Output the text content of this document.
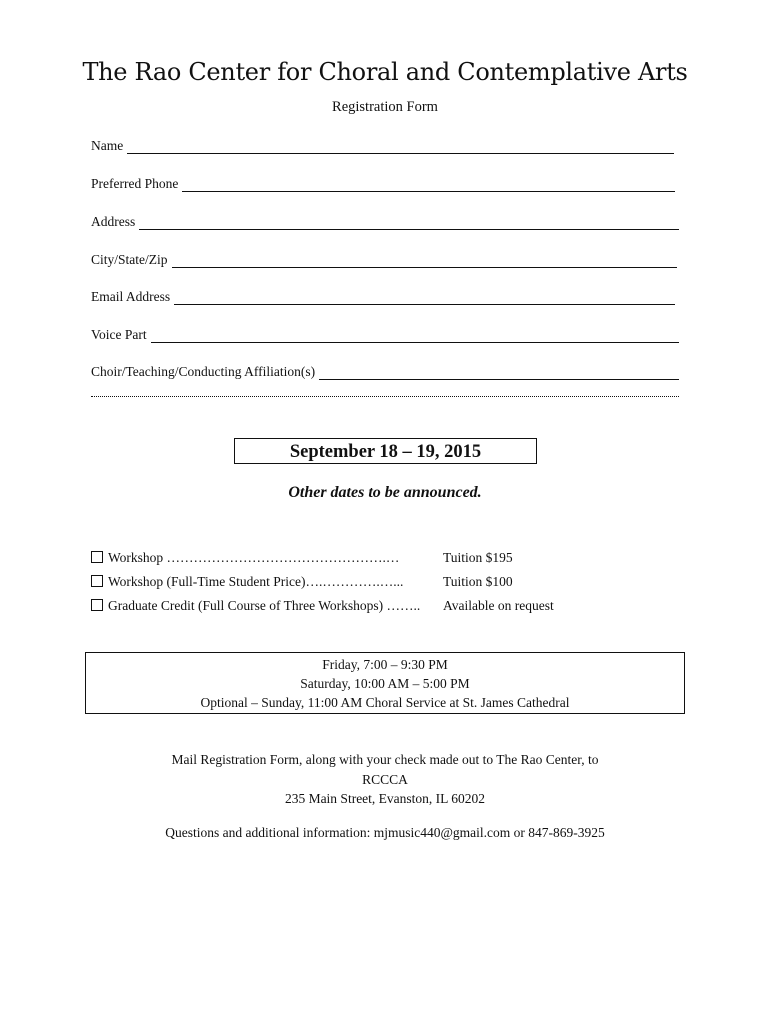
The Rao Center for Choral and Contemplative Arts
Registration Form
Name
Preferred Phone
Address
City/State/Zip
Email Address
Voice Part
Choir/Teaching/Conducting Affiliation(s)
September 18 – 19, 2015
Other dates to be announced.
Workshop ………………………………………….…	Tuition $195
Workshop (Full-Time Student Price)….………….…...	Tuition $100
Graduate Credit (Full Course of Three Workshops) ……..	Available on request
Friday, 7:00 – 9:30 PM
Saturday, 10:00 AM – 5:00 PM
Optional – Sunday, 11:00 AM Choral Service at St. James Cathedral
Mail Registration Form, along with your check made out to The Rao Center, to
RCCCA
235 Main Street, Evanston, IL 60202
Questions and additional information: mjmusic440@gmail.com or 847-869-3925
